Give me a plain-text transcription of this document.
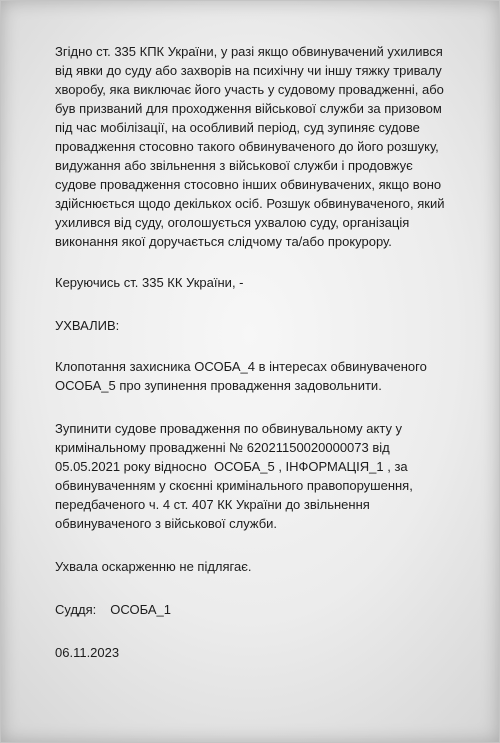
Згідно ст. 335 КПК України, у разі якщо обвинувачений ухилився

від явки до суду або захворів на психічну чи іншу тяжку тривалу

хворобу, яка виключає його участь у судовому провадженні, або

був призваний для проходження військової служби за призовом

під час мобілізації, на особливий період, суд зупиняє судове

провадження стосовно такого обвинуваченого до його розшуку,

видужання або звільнення з військової служби і продовжує

судове провадження стосовно інших обвинувачених, якщо воно

здійснюється щодо декількох осіб. Розшук обвинуваченого, який

ухилився від суду, оголошується ухвалою суду, організація

виконання якої доручається слідчому та/або прокурору.

Керуючись ст. 335 КК України, -

УХВАЛИВ:

Клопотання захисника ОСОБА_4 в інтересах обвинуваченого

ОСОБА_5 про зупинення провадження задовольнити.

Зупинити судове провадження по обвинувальному акту у

кримінальному провадженні № 62021150020000073 від

05.05.2021 року відносно  ОСОБА_5 , ІНФОРМАЦІЯ_1 , за

обвинуваченням у скоєнні кримінального правопорушення,

передбаченого ч. 4 ст. 407 КК України до звільнення

обвинуваченого з військової служби.

Ухвала оскарженню не підлягає.

Суддя: ОСОБА_1

06.11.2023
